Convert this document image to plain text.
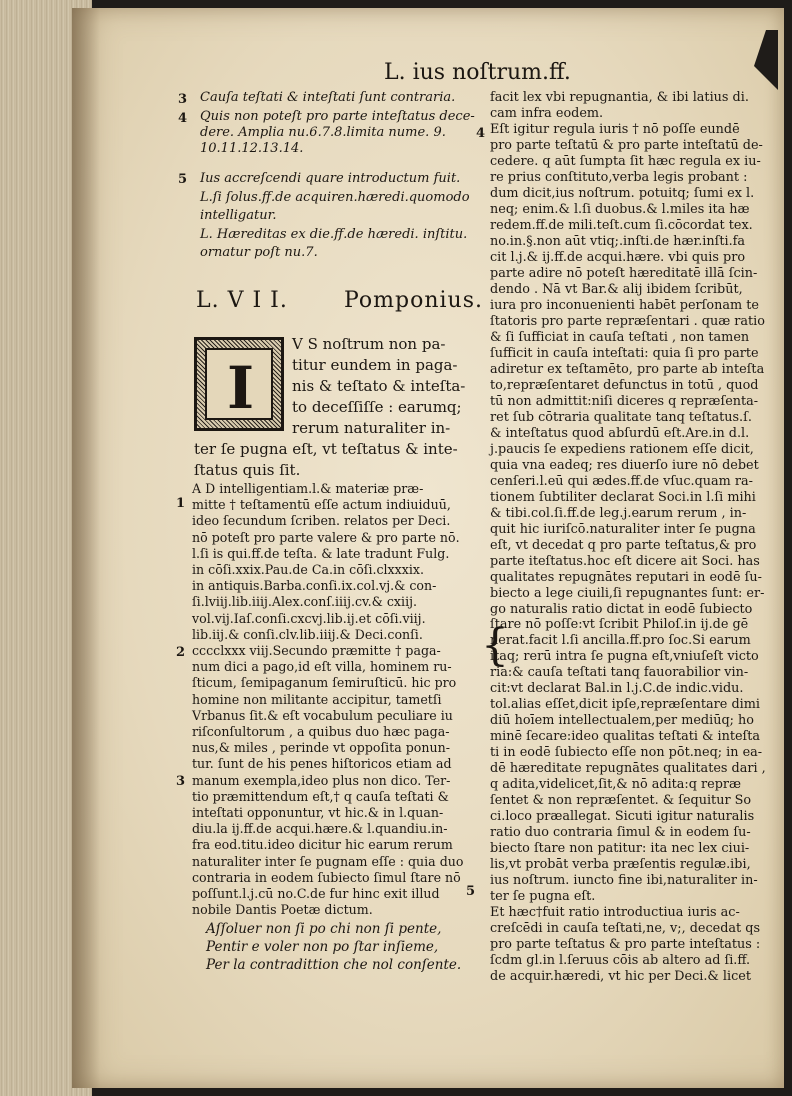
L. ius noſtrum.ff.
3 Cauſa teſtati & inteſtati ſunt contraria.
4 Quis non poteſt pro parte inteſtatus dece-
dere. Amplia nu.6.7.8.limita nume. 9.
10.11.12.13.14.
5 Ius accreſcendi quare introductum fuit.
L.ſi ſolus.ff.de acquiren.hæredi.quomodo
intelligatur.
L. Hæreditas ex die.ff.de hæredi. inſtitu.
ornatur poſt nu.7.
L. V I I.	Pomponius.
I
V S noſtrum non pa-
titur eundem in paga-
nis & teſtato & inteſta-
to deceſſiſſe : earumq;
rerum naturaliter in-
ter ſe pugna eſt, vt teſtatus & inte-
ſtatus quis ſit.
1
2
3
A D intelligentiam.l.& materiæ præ-
mitte † teſtamentū eſſe actum indiuiduū,
ideo ſecundum ſcriben. relatos per Deci.
nō poteſt pro parte valere & pro parte nō.
l.ſi is qui.ff.de teſta. & late tradunt Fulg.
in cōſi.xxix.Pau.de Ca.in cōſi.clxxxix.
in antiquis.Barba.conſi.ix.col.vj.& con-
ſi.lviij.lib.iiij.Alex.conſ.iiij.cv.& cxiij.
vol.vij.Iaſ.conſi.cxcvj.lib.ij.et cōſi.viij.
lib.iij.& conſi.clv.lib.iiij.& Deci.conſi.
cccclxxx viij.Secundo præmitte † paga-
num dici a pago,id eſt villa, hominem ru-
ſticum, ſemipaganum ſemiruſticū. hic pro
homine non militante accipitur, tametſi
Vrbanus ſit.& eſt vocabulum peculiare iu
riſconſultorum , a quibus duo hæc paga-
nus,& miles , perinde vt oppoſita ponun-
tur. ſunt de his penes hiſtoricos etiam ad
manum exempla,ideo plus non dico. Ter-
tio præmittendum eſt,† q cauſa teſtati &
inteſtati opponuntur, vt hic.& in l.quan-
diu.la ij.ff.de acqui.hære.& l.quandiu.in-
fra eod.titu.ideo dicitur hic earum rerum
naturaliter inter ſe pugnam eſſe : quia duo
contraria in eodem ſubiecto ſimul ſtare nō
poſſunt.l.j.cū no.C.de fur hinc exit illud
nobile Dantis Poetæ dictum.
Aſſoluer non ſi po chi non ſi pente,
Pentir e voler non po ſtar inſieme,
Per la contradittion che nol conſente.
4
5
{
facit lex vbi repugnantia, & ibi latius di.
cam infra eodem.
Eſt igitur regula iuris † nō poſſe eundē
pro parte teſtatū & pro parte inteſtatū de-
cedere. q aūt ſumpta ſit hæc regula ex iu-
re prius conſtituto,verba legis probant :
dum dicit,ius noſtrum. potuitq; ſumi ex l.
neq; enim.& l.ſi duobus.& l.miles ita hæ
redem.ff.de mili.teſt.cum ſi.cōcordat tex.
no.in.§.non aūt vtiq;.inſti.de hær.inſti.fa
cit l.j.& ij.ff.de acqui.hære. vbi quis pro
parte adire nō poteſt hæreditatē illā ſcin-
dendo . Nā vt Bar.& alij ibidem ſcribūt,
iura pro inconuenienti habēt perſonam te
ſtatoris pro parte repræſentari . quæ ratio
& ſi ſufficiat in cauſa teſtati , non tamen
ſufficit in cauſa inteſtati: quia ſi pro parte
adiretur ex teſtamēto, pro parte ab inteſta
to,repræſentaret defunctus in totū , quod
tū non admittit:niſi diceres q repræſenta-
ret ſub cōtraria qualitate tanq teſtatus.ſ.
& inteſtatus quod abſurdū eſt.Are.in d.l.
j.paucis ſe expediens rationem eſſe dicit,
quia vna eadeq; res diuerſo iure nō debet
cenſeri.l.eū qui ædes.ff.de vſuc.quam ra-
tionem ſubtiliter declarat Soci.in l.ſi mihi
& tibi.col.ſi.ff.de leg.j.earum rerum , in-
quit hic iuriſcō.naturaliter inter ſe pugna
eſt, vt decedat q pro parte teſtatus,& pro
parte iteſtatus.hoc eſt dicere ait Soci. has
qualitates repugnātes reputari in eodē ſu-
biecto a lege ciuili,ſi repugnantes ſunt: er-
go naturalis ratio dictat in eodē ſubiecto
ſtare nō poſſe:vt ſcribit Philoſ.in ij.de gē
nerat.facit l.ſi ancilla.ff.pro ſoc.Si earum
itaq; rerū intra ſe pugna eſt,vniuſeſt victo
ria:& cauſa teſtati tanq fauorabilior vin-
cit:vt declarat Bal.in l.j.C.de indic.vidu.
tol.alias eſſet,dicit ipſe,repræſentare dimi
diū hoīem intellectualem,per mediūq; ho
minē ſecare:ideo qualitas teſtati & inteſta
ti in eodē ſubiecto eſſe non pōt.neq; in ea-
dē hæreditate repugnātes qualitates dari ,
q adita,videlicet,ſit,& nō adita:q repræ
ſentet & non repræſentet. & ſequitur So
ci.loco præallegat. Sicuti igitur naturalis
ratio duo contraria ſimul & in eodem ſu-
biecto ſtare non patitur: ita nec lex ciui-
lis,vt probāt verba præſentis regulæ.ibi,
ius noſtrum. iuncto fine ibi,naturaliter in-
ter ſe pugna eſt.
Et hæc†fuit ratio introductiua iuris ac-
creſcēdi in cauſa teſtati,ne, v;, decedat qs
pro parte teſtatus & pro parte inteſtatus :
ſcdm gl.in l.ſeruus cōis ab altero ad ſi.ff.
de acquir.hæredi, vt hic per Deci.& licet
